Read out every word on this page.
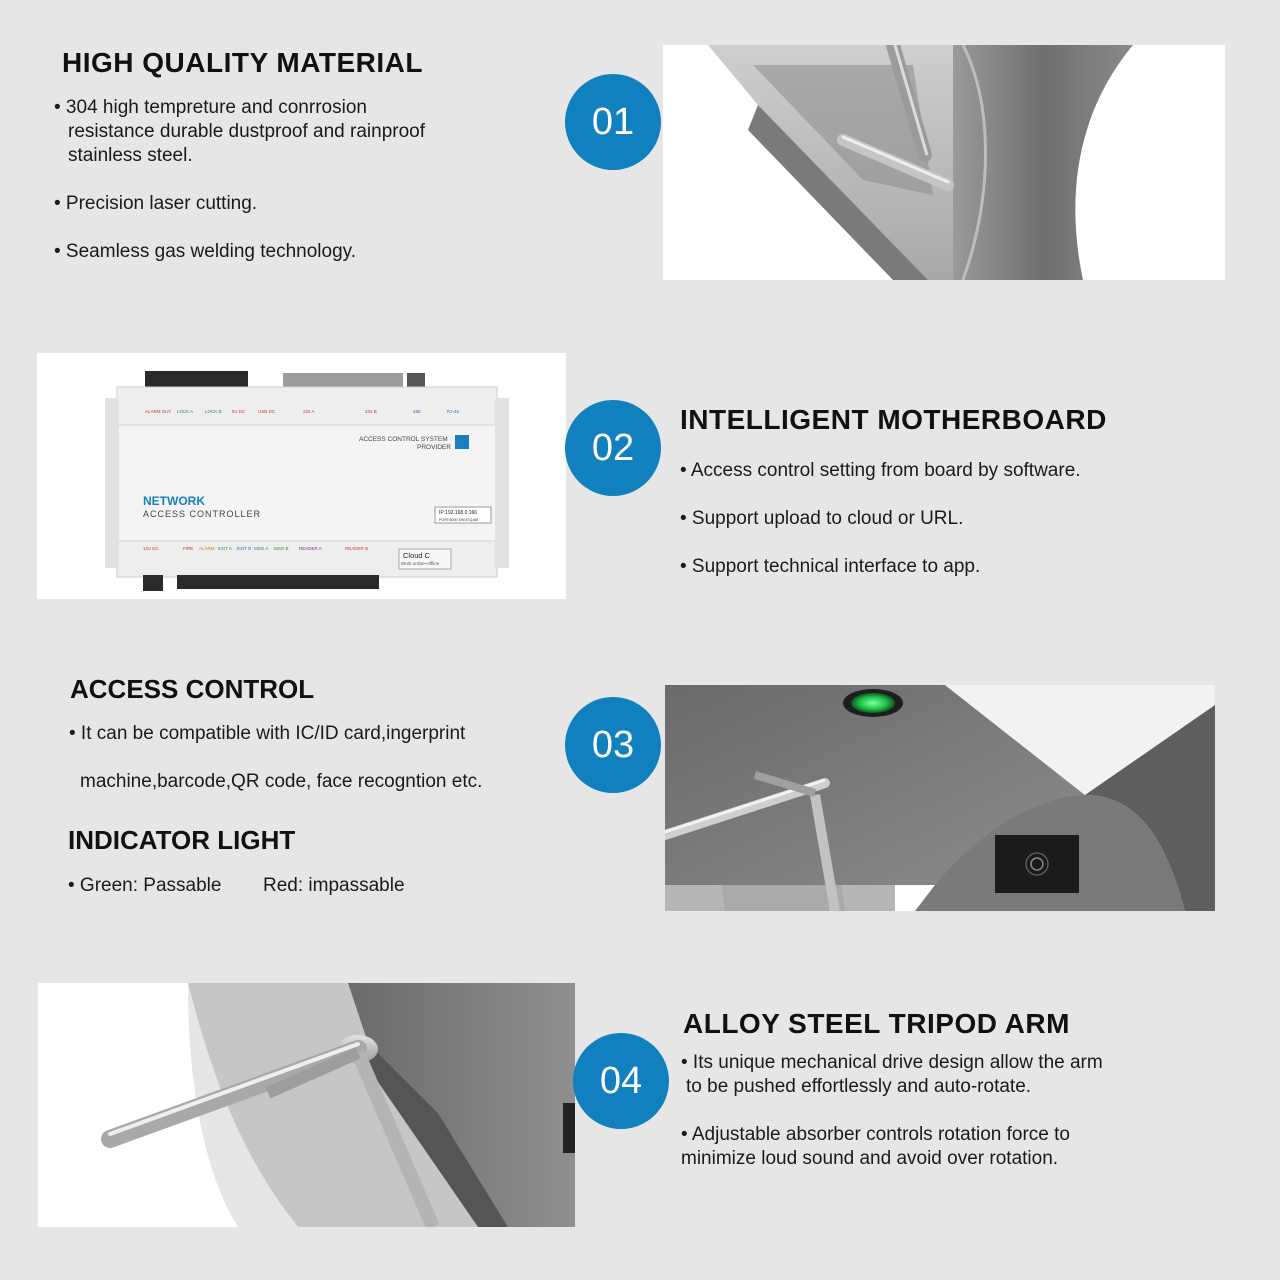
HIGH QUALITY MATERIAL

• 304 high tempreture and conrrosion

resistance durable dustproof and rainproof

stainless steel.

• Precision laser cutting.

• Seamless gas welding technology.

01
ALARM OUT LOCK A	LOCK B 5V DC	USB DC	232 A	232 B	485	RJ-45
ACCESS CONTROL SYSTEM
PROVIDER
NETWORK
ACCESS CONTROLLER	IP:192.168.0.166
PORT:8000 S/N:87Q166
12V DC	FIRE ALARM EXIT A EXIT B MSG A MSG B READER A	READER B
Cloud C
Work online+offline
02
INTELLIGENT MOTHERBOARD

• Access control setting from board by software.

• Support upload to cloud or URL.

• Support technical interface to app.

ACCESS CONTROL

• It can be compatible with IC/ID card,ingerprint

machine,barcode,QR code, face recogntion etc.

INDICATOR LIGHT

• Green: Passable Red: impassable

03
04
ALLOY STEEL TRIPOD ARM

• Its unique mechanical drive design allow the arm

to be pushed effortlessly and auto-rotate.

• Adjustable absorber controls rotation force to

minimize loud sound and avoid over rotation.
